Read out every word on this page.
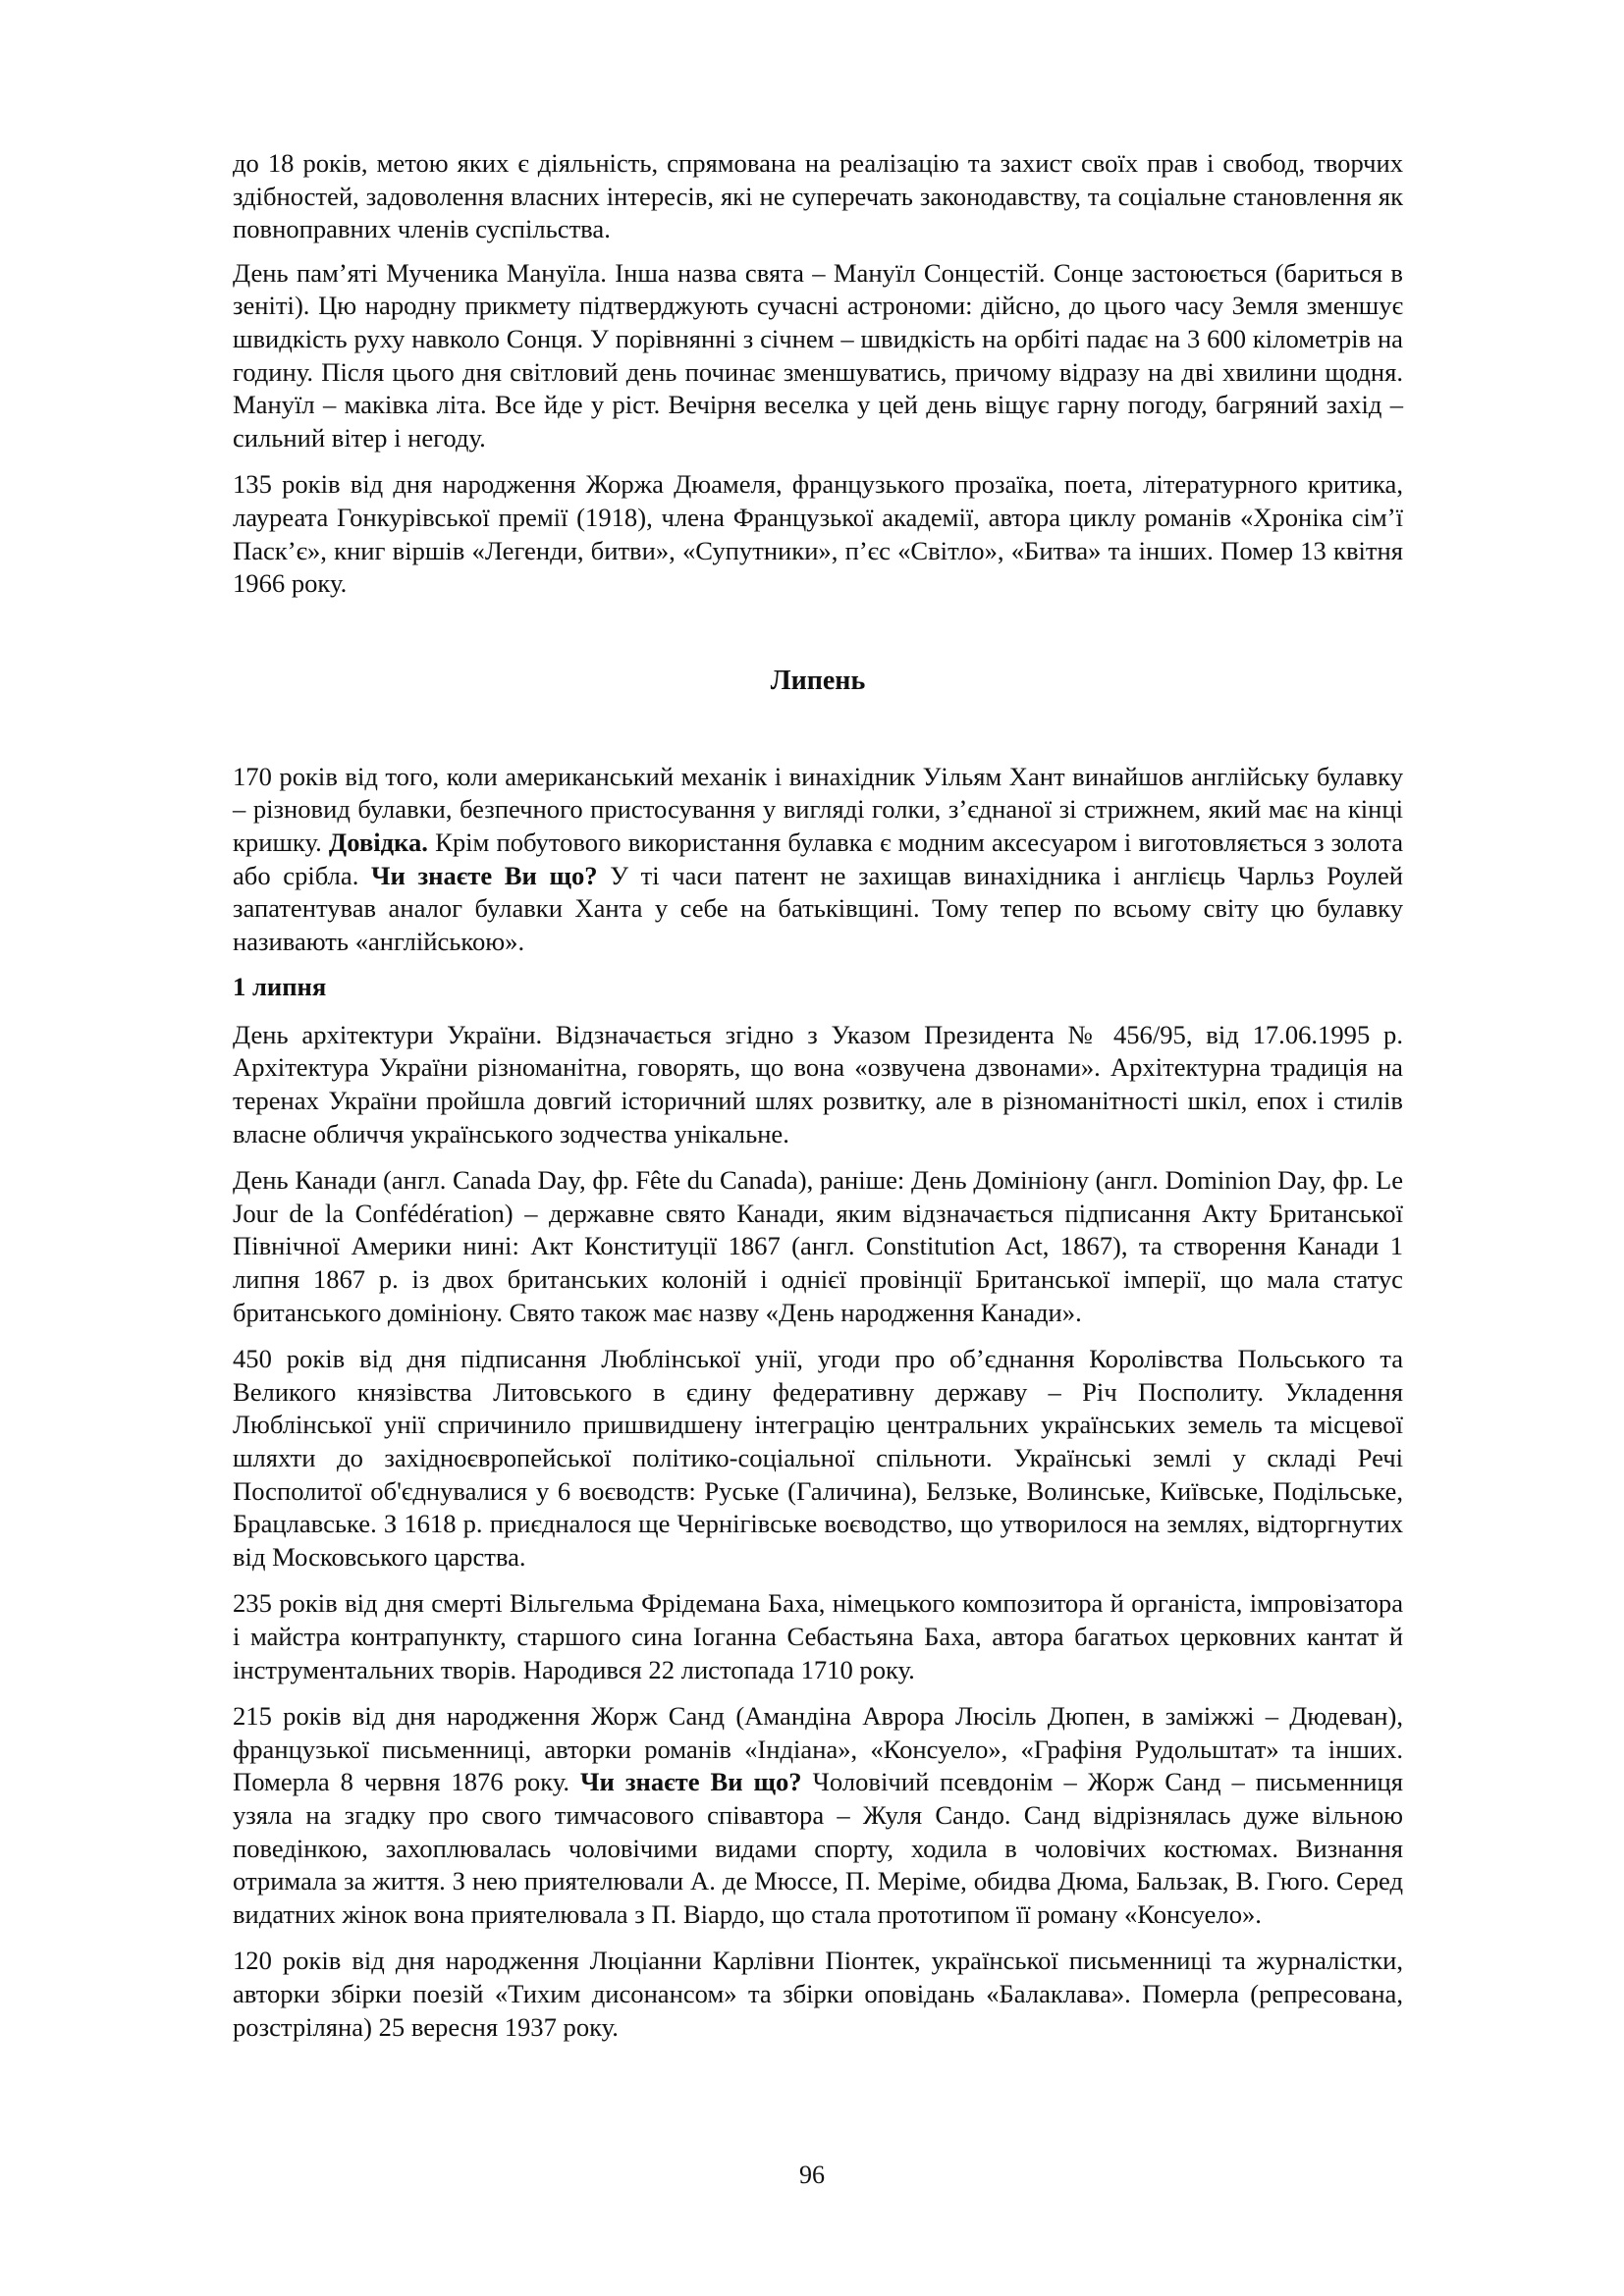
до 18 років, метою яких є діяльність, спрямована на реалізацію та захист своїх прав і свобод, творчих здібностей, задоволення власних інтересів, які не суперечать законодавству, та соціальне становлення як повноправних членів суспільства.

День пам’яті Мученика Мануїла. Інша назва свята – Мануїл Сонцестій. Сонце застоюється (бариться в зеніті). Цю народну прикмету підтверджують сучасні астрономи: дійсно, до цього часу Земля зменшує швидкість руху навколо Сонця. У порівнянні з січнем – швидкість на орбіті падає на 3 600 кілометрів на годину. Після цього дня світловий день починає зменшуватись, причому відразу на дві хвилини щодня. Мануїл – маківка літа. Все йде у ріст. Вечірня веселка у цей день віщує гарну погоду, багряний захід – сильний вітер і негоду.

135 років від дня народження Жоржа Дюамеля, французького прозаїка, поета, літературного критика, лауреата Гонкурівської премії (1918), члена Французької академії, автора циклу романів «Хроніка сім’ї Паск’є», книг віршів «Легенди, битви», «Супутники», п’єс «Світло», «Битва» та інших. Помер 13 квітня 1966 року.

Липень

170 років від того, коли американський механік і винахідник Уільям Хант винайшов англійську булавку – різновид булавки, безпечного пристосування у вигляді голки, з’єднаної зі стрижнем, який має на кінці кришку. Довідка. Крім побутового використання булавка є модним аксесуаром і виготовляється з золота або срібла. Чи знаєте Ви що? У ті часи патент не захищав винахідника і англієць Чарльз Роулей запатентував аналог булавки Ханта у себе на батьківщині. Тому тепер по всьому світу цю булавку називають «англійською».

1 липня

День архітектури України. Відзначається згідно з Указом Президента № 456/95, від 17.06.1995 р. Архітектура України різноманітна, говорять, що вона «озвучена дзвонами». Архітектурна традиція на теренах України пройшла довгий історичний шлях розвитку, але в різноманітності шкіл, епох і стилів власне обличчя українського зодчества унікальне.

День Канади (англ. Canada Day, фр. Fête du Canada), раніше: День Домініону (англ. Dominion Day, фр. Le Jour de la Confédération) – державне свято Канади, яким відзначається підписання Акту Британської Північної Америки нині: Акт Конституції 1867 (англ. Constitution Act, 1867), та створення Канади 1 липня 1867 р. із двох британських колоній і однієї провінції Британської імперії, що мала статус британського домініону. Свято також має назву «День народження Канади».

450 років від дня підписання Люблінської унії, угоди про об’єднання Королівства Польського та Великого князівства Литовського в єдину федеративну державу – Річ Посполиту. Укладення Люблінської унії спричинило пришвидшену інтеграцію центральних українських земель та місцевої шляхти до західноєвропейської політико-соціальної спільноти. Українські землі у складі Речі Посполитої об'єднувалися у 6 воєводств: Руське (Галичина), Белзьке, Волинське, Київське, Подільське, Брацлавське. З 1618 р. приєдналося ще Чернігівське воєводство, що утворилося на землях, відторгнутих від Московського царства.

235 років від дня смерті Вільгельма Фрідемана Баха, німецького композитора й органіста, імпровізатора і майстра контрапункту, старшого сина Іоганна Себастьяна Баха, автора багатьох церковних кантат й інструментальних творів. Народився 22 листопада 1710 року.

215 років від дня народження Жорж Санд (Амандіна Аврора Люсіль Дюпен, в заміжжі – Дюдеван), французької письменниці, авторки романів «Індіана», «Консуело», «Графіня Рудольштат» та інших. Померла 8 червня 1876 року. Чи знаєте Ви що? Чоловічий псевдонім – Жорж Санд – письменниця узяла на згадку про свого тимчасового співавтора – Жуля Сандо. Санд відрізнялась дуже вільною поведінкою, захоплювалась чоловічими видами спорту, ходила в чоловічих костюмах. Визнання отримала за життя. З нею приятелювали А. де Мюссе, П. Меріме, обидва Дюма, Бальзак, В. Гюго. Серед видатних жінок вона приятелювала з П. Віардо, що стала прототипом її роману «Консуело».

120 років від дня народження Люціанни Карлівни Піонтек, української письменниці та журналістки, авторки збірки поезій «Тихим дисонансом» та збірки оповідань «Балаклава». Померла (репресована, розстріляна) 25 вересня 1937 року.

96
